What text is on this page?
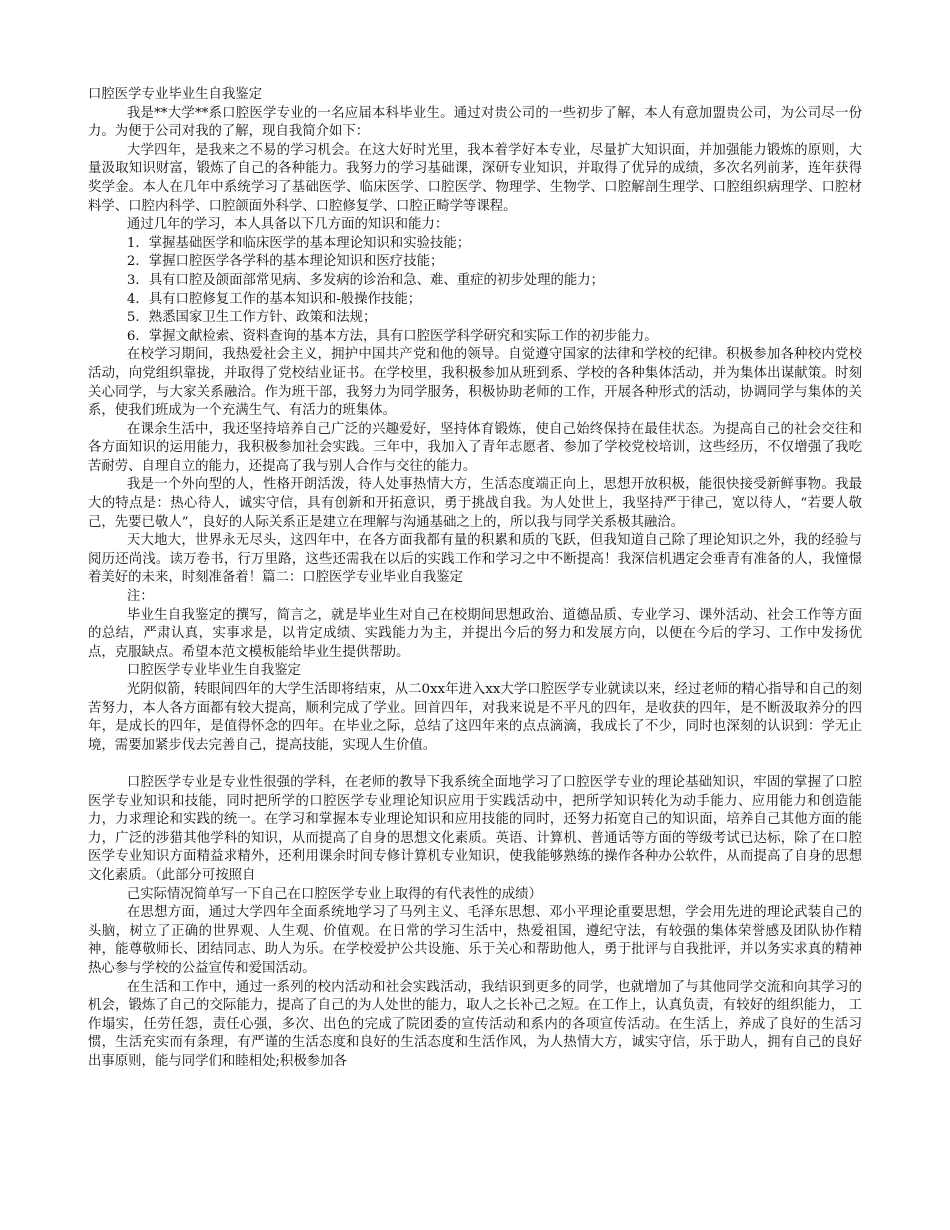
口腔医学专业毕业生自我鉴定

我是**大学**系口腔医学专业的一名应届本科毕业生。通过对贵公司的一些初步了解，本人有意加盟贵公司，为公司尽一份力。为便于公司对我的了解，现自我简介如下：

大学四年，是我来之不易的学习机会。在这大好时光里，我本着学好本专业，尽量扩大知识面，并加强能力锻炼的原则，大量汲取知识财富，锻炼了自己的各种能力。我努力的学习基础课，深研专业知识，并取得了优异的成绩，多次名列前茅，连年获得奖学金。本人在几年中系统学习了基础医学、临床医学、口腔医学、物理学、生物学、口腔解剖生理学、口腔组织病理学、口腔材料学、口腔内科学、口腔颌面外科学、口腔修复学、口腔正畸学等课程。

通过几年的学习，本人具备以下几方面的知识和能力：

1．掌握基础医学和临床医学的基本理论知识和实验技能；

2．掌握口腔医学各学科的基本理论知识和医疗技能；

3．具有口腔及颌面部常见病、多发病的诊治和急、难、重症的初步处理的能力；

4．具有口腔修复工作的基本知识和-般操作技能；

5．熟悉国家卫生工作方针、政策和法规；

6．掌握文献检索、资料查询的基本方法，具有口腔医学科学研究和实际工作的初步能力。

在校学习期间，我热爱社会主义，拥护中国共产党和他的领导。自觉遵守国家的法律和学校的纪律。积极参加各种校内党校活动，向党组织靠拢，并取得了党校结业证书。在学校里，我积极参加从班到系、学校的各种集体活动，并为集体出谋献策。时刻关心同学，与大家关系融洽。作为班干部，我努力为同学服务，积极协助老师的工作，开展各种形式的活动，协调同学与集体的关系，使我们班成为一个充满生气、有活力的班集体。

在课余生活中，我还坚持培养自己广泛的兴趣爱好，坚持体育锻炼，使自己始终保持在最佳状态。为提高自己的社会交往和各方面知识的运用能力，我积极参加社会实践。三年中，我加入了青年志愿者、参加了学校党校培训，这些经历，不仅增强了我吃苦耐劳、自理自立的能力，还提高了我与别人合作与交往的能力。

我是一个外向型的人，性格开朗活泼，待人处事热情大方，生活态度端正向上，思想开放积极，能很快接受新鲜事物。我最大的特点是：热心待人，诚实守信，具有创新和开拓意识，勇于挑战自我。为人处世上，我坚持严于律己，宽以待人，“若要人敬己，先要已敬人”，良好的人际关系正是建立在理解与沟通基础之上的，所以我与同学关系极其融洽。

天大地大，世界永无尽头，这四年中，在各方面我都有量的积累和质的飞跃，但我知道自己除了理论知识之外，我的经验与阅历还尚浅。读万卷书，行万里路，这些还需我在以后的实践工作和学习之中不断提高！我深信机遇定会垂青有准备的人，我憧憬着美好的未来，时刻准备着！篇二：口腔医学专业毕业自我鉴定

注：

毕业生自我鉴定的撰写，简言之，就是毕业生对自己在校期间思想政治、道德品质、专业学习、课外活动、社会工作等方面的总结，严肃认真，实事求是，以肯定成绩、实践能力为主，并提出今后的努力和发展方向，以便在今后的学习、工作中发扬优点，克服缺点。希望本范文模板能给毕业生提供帮助。

口腔医学专业毕业生自我鉴定

光阴似箭，转眼间四年的大学生活即将结束，从二0xx年进入xx大学口腔医学专业就读以来，经过老师的精心指导和自己的刻苦努力，本人各方面都有较大提高，顺利完成了学业。回首四年，对我来说是不平凡的四年，是收获的四年，是不断汲取养分的四年，是成长的四年，是值得怀念的四年。在毕业之际，总结了这四年来的点点滴滴，我成长了不少，同时也深刻的认识到：学无止境，需要加紧步伐去完善自己，提高技能，实现人生价值。

口腔医学专业是专业性很强的学科，在老师的教导下我系统全面地学习了口腔医学专业的理论基础知识，牢固的掌握了口腔医学专业知识和技能，同时把所学的口腔医学专业理论知识应用于实践活动中，把所学知识转化为动手能力、应用能力和创造能力，力求理论和实践的统一。在学习和掌握本专业理论知识和应用技能的同时，还努力拓宽自己的知识面，培养自己其他方面的能力，广泛的涉猎其他学科的知识，从而提高了自身的思想文化素质。英语、计算机、普通话等方面的等级考试已达标，除了在口腔医学专业知识方面精益求精外，还利用课余时间专修计算机专业知识，使我能够熟练的操作各种办公软件，从而提高了自身的思想文化素质。（此部分可按照自

己实际情况简单写一下自己在口腔医学专业上取得的有代表性的成绩）

在思想方面，通过大学四年全面系统地学习了马列主义、毛泽东思想、邓小平理论重要思想，学会用先进的理论武装自己的头脑，树立了正确的世界观、人生观、价值观。在日常的学习生活中，热爱祖国，遵纪守法，有较强的集体荣誉感及团队协作精神，能尊敬师长、团结同志、助人为乐。在学校爱护公共设施、乐于关心和帮助他人，勇于批评与自我批评，并以务实求真的精神热心参与学校的公益宣传和爱国活动。

在生活和工作中，通过一系列的校内活动和社会实践活动，我结识到更多的同学，也就增加了与其他同学交流和向其学习的机会，锻炼了自己的交际能力，提高了自己的为人处世的能力，取人之长补己之短。在工作上，认真负责，有较好的组织能力， 工作塌实，任劳任怨，责任心强，多次、出色的完成了院团委的宣传活动和系内的各项宣传活动。在生活上，养成了良好的生活习惯，生活充实而有条理，有严谨的生活态度和良好的生活态度和生活作风，为人热情大方，诚实守信，乐于助人，拥有自己的良好出事原则，能与同学们和睦相处;积极参加各
